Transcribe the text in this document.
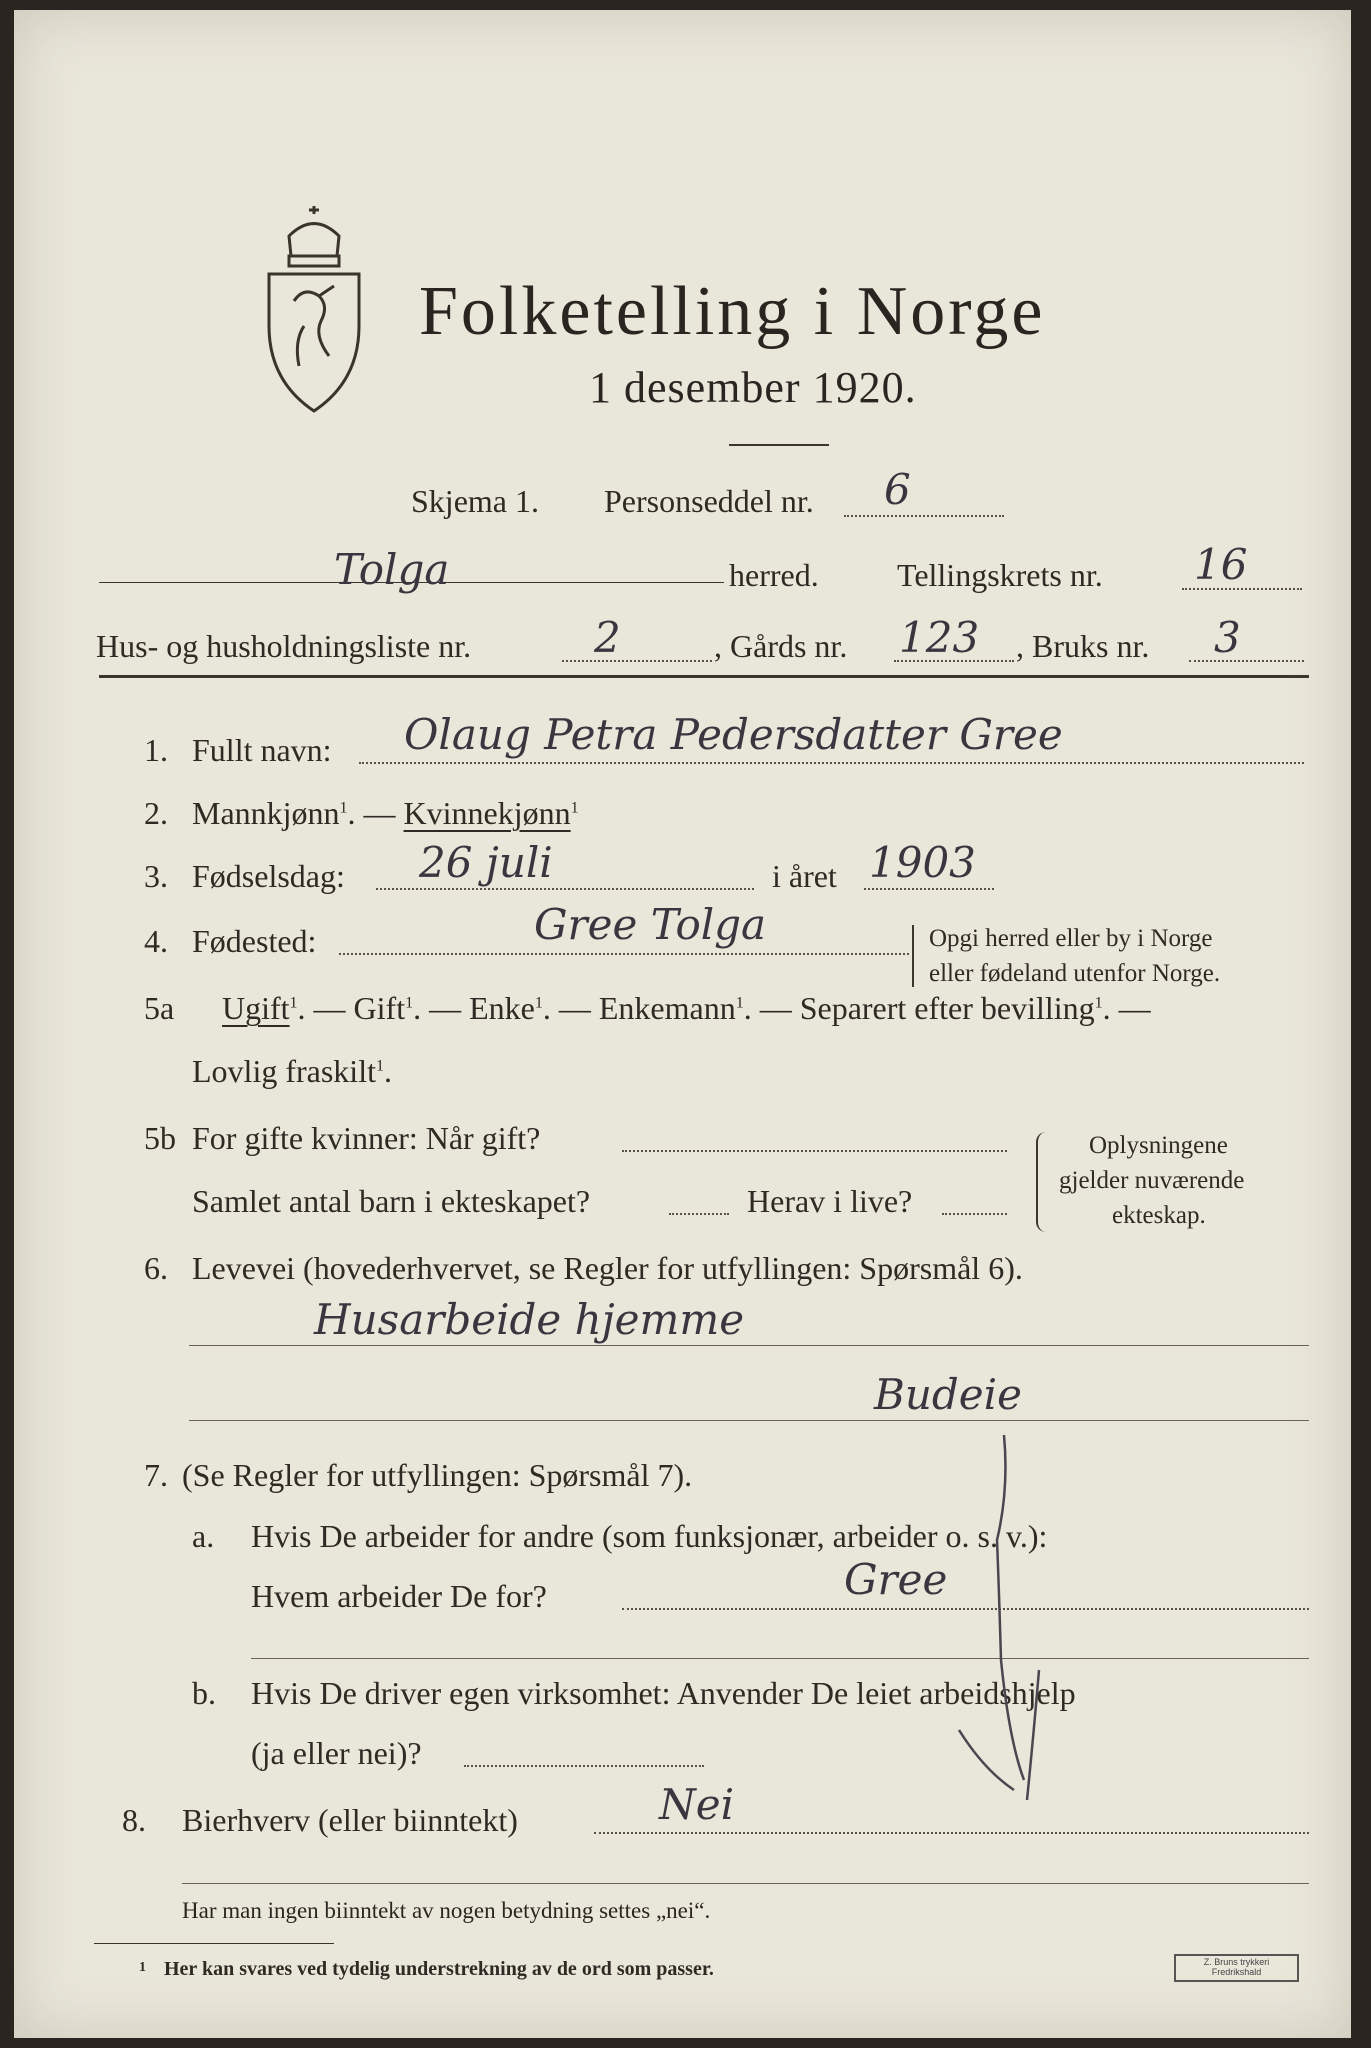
Folketelling i Norge
1 desember 1920.
Skjema 1. Personseddel nr. 6
Tolga	herred. Tellingskrets nr. 16
Hus- og husholdningsliste nr.	2	, Gårds nr. 123 , Bruks nr. 3
1. Fullt navn: Olaug Petra Pedersdatter Gree
2. Mannkjønn$^1$. — Kvinnekjønn$^1$
3. Fødselsdag: 26 juli	i året 1903
4. Fødested:	Gree Tolga	Opgi herred eller by i Norge
eller fødeland utenfor Norge.
5a Ugift$^1$. — Gift$^1$. — Enke$^1$. — Enkemann$^1$. — Separert efter bevilling$^1$. —
Lovlig fraskilt$^1$.
5b For gifte kvinner: Når gift?
Samlet antal barn i ekteskapet?	Herav i live?
Oplysningene
gjelder nuværende
ekteskap.
6. Levevei (hovederhvervet, se Regler for utfyllingen: Spørsmål 6).
Husarbeide hjemme
Budeie
7. (Se Regler for utfyllingen: Spørsmål 7).
a. Hvis De arbeider for andre (som funksjonær, arbeider o. s. v.):
Hvem arbeider De for?	Gree
b. Hvis De driver egen virksomhet: Anvender De leiet arbeidshjelp
(ja eller nei)?
8. Bierhverv (eller biinntekt)	Nei
Har man ingen biinntekt av nogen betydning settes „nei“.
1 Her kan svares ved tydelig understrekning av de ord som passer.	Z. Bruns trykkeri Fredrikshald
